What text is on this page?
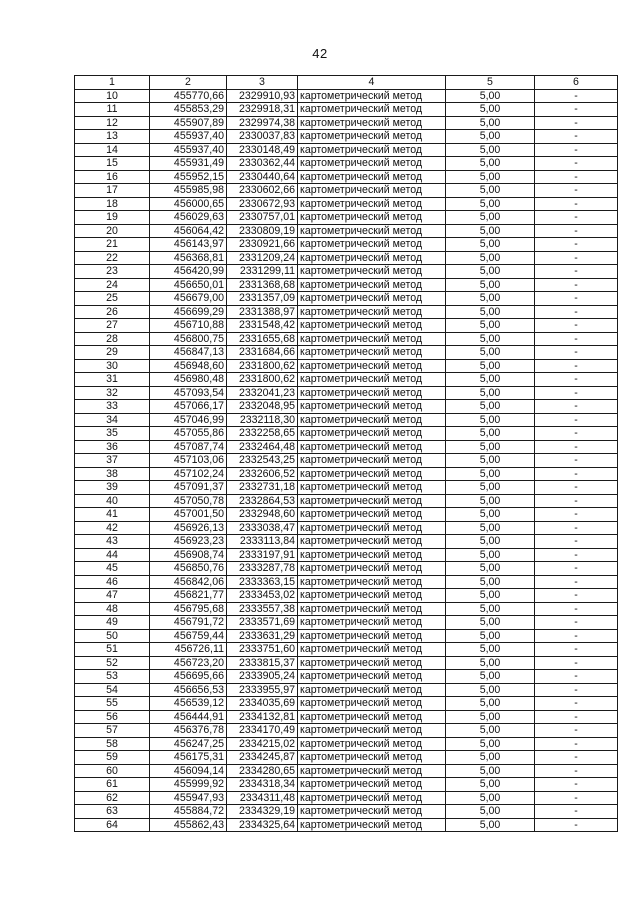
42
1	2	3	4	5	6
10	455770,66	2329910,93	картометрический метод	5,00	-
11	455853,29	2329918,31	картометрический метод	5,00	-
12	455907,89	2329974,38	картометрический метод	5,00	-
13	455937,40	2330037,83	картометрический метод	5,00	-
14	455937,40	2330148,49	картометрический метод	5,00	-
15	455931,49	2330362,44	картометрический метод	5,00	-
16	455952,15	2330440,64	картометрический метод	5,00	-
17	455985,98	2330602,66	картометрический метод	5,00	-
18	456000,65	2330672,93	картометрический метод	5,00	-
19	456029,63	2330757,01	картометрический метод	5,00	-
20	456064,42	2330809,19	картометрический метод	5,00	-
21	456143,97	2330921,66	картометрический метод	5,00	-
22	456368,81	2331209,24	картометрический метод	5,00	-
23	456420,99	2331299,11	картометрический метод	5,00	-
24	456650,01	2331368,68	картометрический метод	5,00	-
25	456679,00	2331357,09	картометрический метод	5,00	-
26	456699,29	2331388,97	картометрический метод	5,00	-
27	456710,88	2331548,42	картометрический метод	5,00	-
28	456800,75	2331655,68	картометрический метод	5,00	-
29	456847,13	2331684,66	картометрический метод	5,00	-
30	456948,60	2331800,62	картометрический метод	5,00	-
31	456980,48	2331800,62	картометрический метод	5,00	-
32	457093,54	2332041,23	картометрический метод	5,00	-
33	457066,17	2332048,95	картометрический метод	5,00	-
34	457046,99	2332118,30	картометрический метод	5,00	-
35	457055,86	2332258,65	картометрический метод	5,00	-
36	457087,74	2332464,48	картометрический метод	5,00	-
37	457103,06	2332543,25	картометрический метод	5,00	-
38	457102,24	2332606,52	картометрический метод	5,00	-
39	457091,37	2332731,18	картометрический метод	5,00	-
40	457050,78	2332864,53	картометрический метод	5,00	-
41	457001,50	2332948,60	картометрический метод	5,00	-
42	456926,13	2333038,47	картометрический метод	5,00	-
43	456923,23	2333113,84	картометрический метод	5,00	-
44	456908,74	2333197,91	картометрический метод	5,00	-
45	456850,76	2333287,78	картометрический метод	5,00	-
46	456842,06	2333363,15	картометрический метод	5,00	-
47	456821,77	2333453,02	картометрический метод	5,00	-
48	456795,68	2333557,38	картометрический метод	5,00	-
49	456791,72	2333571,69	картометрический метод	5,00	-
50	456759,44	2333631,29	картометрический метод	5,00	-
51	456726,11	2333751,60	картометрический метод	5,00	-
52	456723,20	2333815,37	картометрический метод	5,00	-
53	456695,66	2333905,24	картометрический метод	5,00	-
54	456656,53	2333955,97	картометрический метод	5,00	-
55	456539,12	2334035,69	картометрический метод	5,00	-
56	456444,91	2334132,81	картометрический метод	5,00	-
57	456376,78	2334170,49	картометрический метод	5,00	-
58	456247,25	2334215,02	картометрический метод	5,00	-
59	456175,31	2334245,87	картометрический метод	5,00	-
60	456094,14	2334280,65	картометрический метод	5,00	-
61	455999,92	2334318,34	картометрический метод	5,00	-
62	455947,93	2334311,48	картометрический метод	5,00	-
63	455884,72	2334329,19	картометрический метод	5,00	-
64	455862,43	2334325,64	картометрический метод	5,00	-
